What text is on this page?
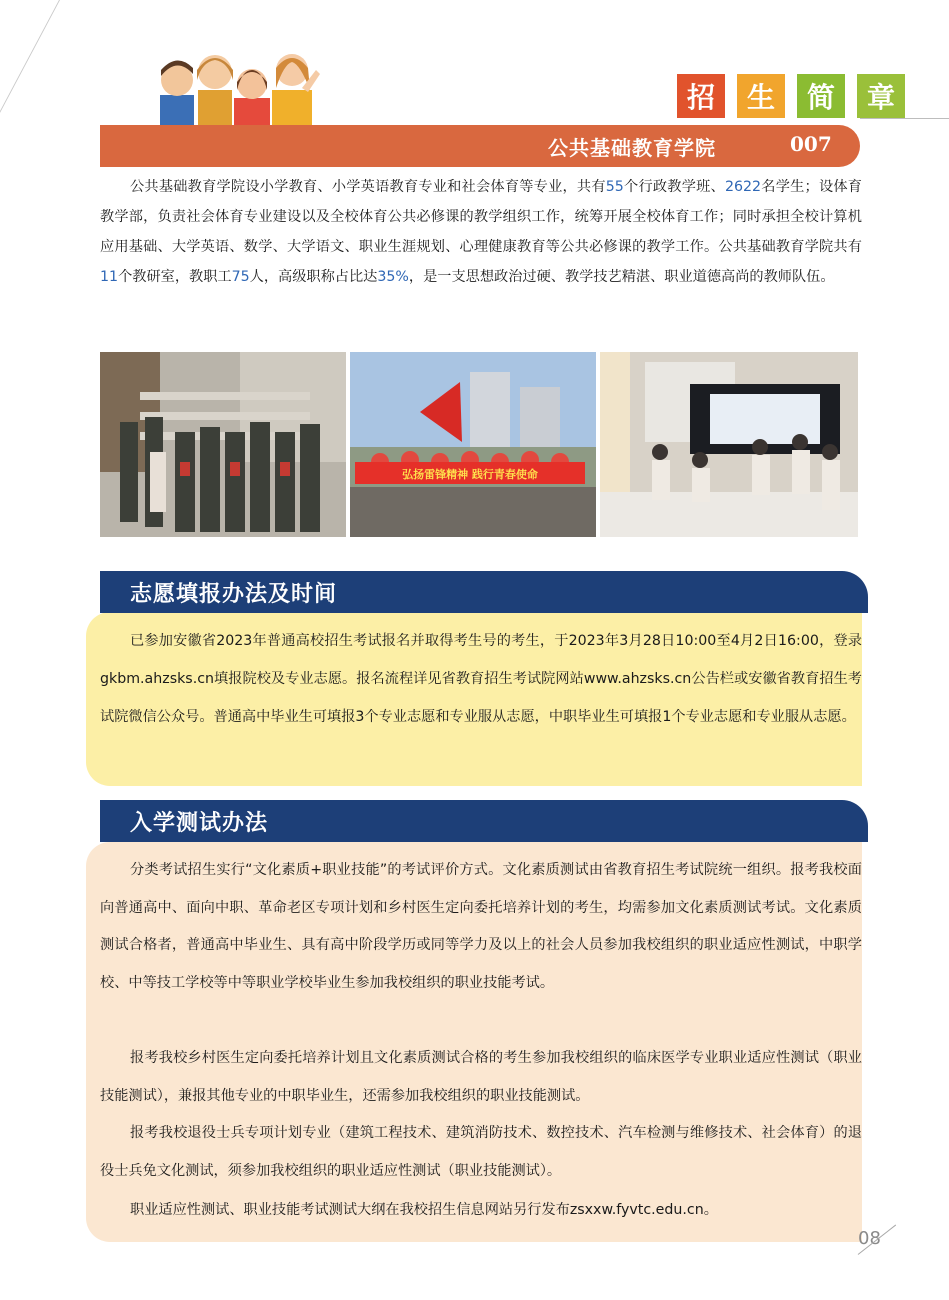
招	生	简	章
公共基础教育学院	007
公共基础教育学院设小学教育、小学英语教育专业和社会体育等专业，共有55个行政教学班、2622名学生；设体育教学部，负责社会体育专业建设以及全校体育公共必修课的教学组织工作，统筹开展全校体育工作；同时承担全校计算机应用基础、大学英语、数学、大学语文、职业生涯规划、心理健康教育等公共必修课的教学工作。公共基础教育学院共有11个教研室，教职工75人，高级职称占比达35%，是一支思想政治过硬、教学技艺精湛、职业道德高尚的教师队伍。
弘扬雷锋精神 践行青春使命
志愿填报办法及时间
已参加安徽省2023年普通高校招生考试报名并取得考生号的考生，于2023年3月28日10:00至4月2日16:00，登录gkbm.ahzsks.cn填报院校及专业志愿。报名流程详见省教育招生考试院网站www.ahzsks.cn公告栏或安徽省教育招生考试院微信公众号。普通高中毕业生可填报3个专业志愿和专业服从志愿，中职毕业生可填报1个专业志愿和专业服从志愿。
入学测试办法
分类考试招生实行“文化素质+职业技能”的考试评价方式。文化素质测试由省教育招生考试院统一组织。报考我校面向普通高中、面向中职、革命老区专项计划和乡村医生定向委托培养计划的考生，均需参加文化素质测试考试。文化素质测试合格者，普通高中毕业生、具有高中阶段学历或同等学力及以上的社会人员参加我校组织的职业适应性测试，中职学校、中等技工学校等中等职业学校毕业生参加我校组织的职业技能考试。
报考我校乡村医生定向委托培养计划且文化素质测试合格的考生参加我校组织的临床医学专业职业适应性测试（职业技能测试），兼报其他专业的中职毕业生，还需参加我校组织的职业技能测试。
报考我校退役士兵专项计划专业（建筑工程技术、建筑消防技术、数控技术、汽车检测与维修技术、社会体育）的退役士兵免文化测试，须参加我校组织的职业适应性测试（职业技能测试）。
职业适应性测试、职业技能考试测试大纲在我校招生信息网站另行发布zsxxw.fyvtc.edu.cn。
08
